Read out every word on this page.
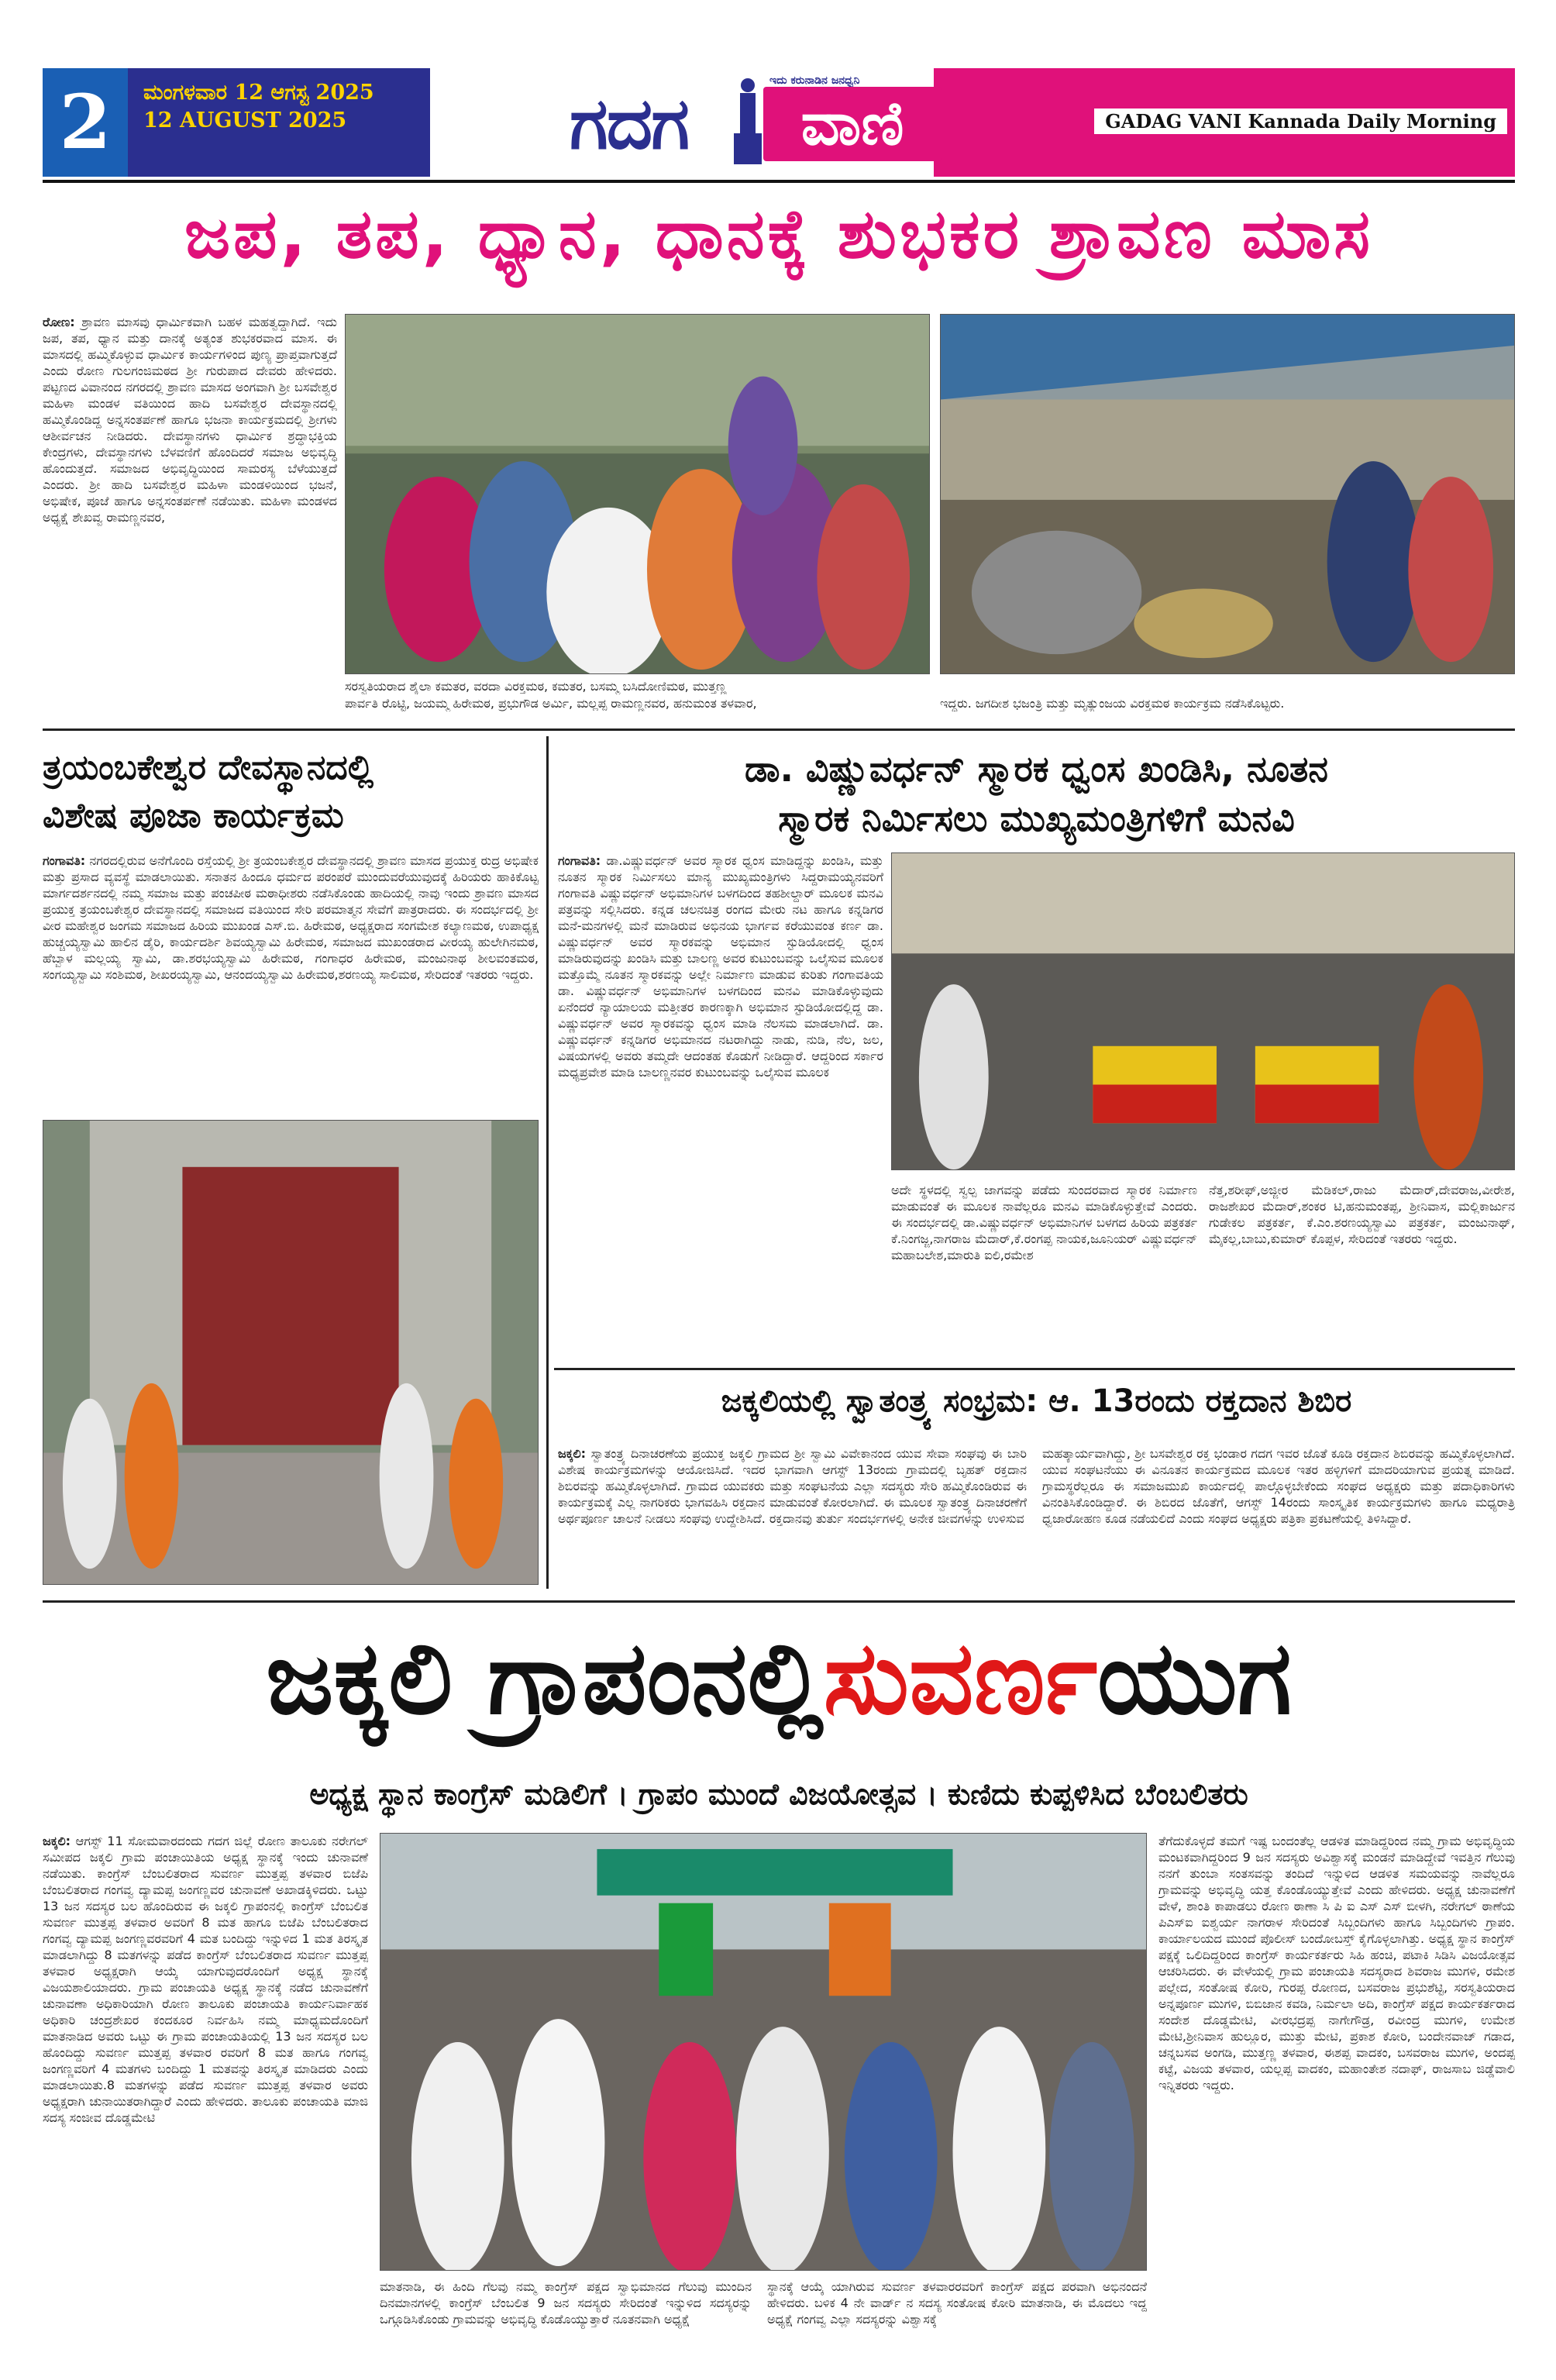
2	ಮಂಗಳವಾರ 12 ಆಗಸ್ಟ 2025
12 AUGUST 2025	GADAG VANI Kannada Daily Morning
ಗದಗ
ಇದು ಕರುನಾಡಿನ ಜನಧ್ವನಿ
ವಾಣಿ
ಜಪ, ತಪ, ಧ್ಯಾನ, ಧಾನಕ್ಕೆ ಶುಭಕರ ಶ್ರಾವಣ ಮಾಸ
ರೋಣ: ಶ್ರಾವಣ ಮಾಸವು ಧಾರ್ಮಿಕವಾಗಿ ಬಹಳ ಮಹತ್ವದ್ದಾಗಿದೆ. ಇದು ಜಪ, ತಪ, ಧ್ಯಾನ ಮತ್ತು ದಾನಕ್ಕೆ ಅತ್ಯಂತ ಶುಭಕರವಾದ ಮಾಸ. ಈ ಮಾಸದಲ್ಲಿ ಹಮ್ಮಿಕೊಳ್ಳುವ ಧಾರ್ಮಿಕ ಕಾರ್ಯಗಳಿಂದ ಪುಣ್ಯ ಪ್ರಾಪ್ತವಾಗುತ್ತದೆ ಎಂದು ರೋಣ ಗುಲಗಂಜಿಮಠದ ಶ್ರೀ ಗುರುಪಾದ ದೇವರು ಹೇಳಿದರು. ಪಟ್ಟಣದ ವಿವಾನಂದ ನಗರದಲ್ಲಿ ಶ್ರಾವಣ ಮಾಸದ ಅಂಗವಾಗಿ ಶ್ರೀ ಬಸವೇಶ್ವರ ಮಹಿಳಾ ಮಂಡಳ ವತಿಯಿಂದ ಹಾದಿ ಬಸವೇಶ್ವರ ದೇವಸ್ಥಾನದಲ್ಲಿ ಹಮ್ಮಿಕೊಂಡಿದ್ದ ಅನ್ನಸಂತರ್ಪಣೆ ಹಾಗೂ ಭಜನಾ ಕಾರ್ಯಕ್ರಮದಲ್ಲಿ ಶ್ರೀಗಳು ಆಶೀರ್ವಚನ ನೀಡಿದರು. ದೇವಸ್ಥಾನಗಳು ಧಾರ್ಮಿಕ ಶ್ರದ್ಧಾಭಕ್ತಿಯ ಕೇಂದ್ರಗಳು, ದೇವಸ್ಥಾನಗಳು ಬೆಳವಣಿಗೆ ಹೊಂದಿದರೆ ಸಮಾಜ ಅಭಿವೃದ್ಧಿ ಹೊಂದುತ್ತದೆ. ಸಮಾಜದ ಅಭಿವೃದ್ಧಿಯಿಂದ ಸಾಮರಸ್ಯ ಬೆಳೆಯುತ್ತದೆ ಎಂದರು. ಶ್ರೀ ಹಾದಿ ಬಸವೇಶ್ವರ ಮಹಿಳಾ ಮಂಡಳಿಯಿಂದ ಭಜನೆ, ಅಭಿಷೇಕ, ಪೂಜೆ ಹಾಗೂ ಅನ್ನಸಂತರ್ಪಣೆ ನಡೆಯಿತು. ಮಹಿಳಾ ಮಂಡಳದ ಅಧ್ಯಕ್ಷೆ ಶೇಖವ್ವ ರಾಮಣ್ಣನವರ,
ಸರಸ್ವತಿಯರಾದ ಶೈಲಾ ಕಮತರ, ವರದಾ ವಿರಕ್ತಮಠ, ಕಮತರ, ಬಸಮ್ಮ ಬಸಿದೋಣಿಮಠ, ಮುತ್ತಣ್ಣ
ಪಾರ್ವತಿ ರೊಟ್ಟಿ, ಜಯಮ್ಮ ಹಿರೇಮಠ, ಪ್ರಭುಗೌಡ ಅರ್ಮಿ, ಮಲ್ಲಪ್ಪ ರಾಮಣ್ಣನವರ, ಹನುಮಂತ ತಳವಾರ,	ಇದ್ದರು. ಜಗದೀಶ ಭಜಂತ್ರಿ ಮತ್ತು ಮೃತ್ಯುಂಜಯ ವಿರಕ್ತಮಠ ಕಾರ್ಯಕ್ರಮ ನಡೆಸಿಕೊಟ್ಟರು.
ತ್ರಯಂಬಕೇಶ್ವರ ದೇವಸ್ಥಾನದಲ್ಲಿ
ವಿಶೇಷ ಪೂಜಾ ಕಾರ್ಯಕ್ರಮ
ಗಂಗಾವತಿ: ನಗರದಲ್ಲಿರುವ ಅನೆಗೊಂದಿ ರಸ್ತೆಯಲ್ಲಿ ಶ್ರೀ ತ್ರಯಂಬಕೇಶ್ವರ ದೇವಸ್ಥಾನದಲ್ಲಿ ಶ್ರಾವಣ ಮಾಸದ ಪ್ರಯುಕ್ತ ರುದ್ರ ಅಭಿಷೇಕ ಮತ್ತು ಪ್ರಸಾದ ವ್ಯವಸ್ಥೆ ಮಾಡಲಾಯಿತು. ಸನಾತನ ಹಿಂದೂ ಧರ್ಮದ ಪರಂಪರೆ ಮುಂದುವರೆಯುವುದಕ್ಕೆ ಹಿರಿಯರು ಹಾಕಿಕೊಟ್ಟ ಮಾರ್ಗದರ್ಶನದಲ್ಲಿ ನಮ್ಮ ಸಮಾಜ ಮತ್ತು ಪಂಚಪೀಠ ಮಠಾಧೀಶರು ನಡೆಸಿಕೊಂಡು ಹಾದಿಯಲ್ಲಿ ನಾವು ಇಂದು ಶ್ರಾವಣ ಮಾಸದ ಪ್ರಯುಕ್ತ ತ್ರಯಂಬಕೇಶ್ವರ ದೇವಸ್ಥಾನದಲ್ಲಿ ಸಮಾಜದ ವತಿಯಿಂದ ಸೇರಿ ಪರಮಾತ್ಮನ ಸೇವೆಗೆ ಪಾತ್ರರಾದರು. ಈ ಸಂದರ್ಭದಲ್ಲಿ ಶ್ರೀ ವೀರ ಮಹೇಶ್ವರ ಜಂಗಮ ಸಮಾಜದ ಹಿರಿಯ ಮುಖಂಡ ಎಸ್.ಬಿ. ಹಿರೇಮಠ, ಅಧ್ಯಕ್ಷರಾದ ಸಂಗಮೇಶ ಕಲ್ಯಾಣಮಠ, ಉಪಾಧ್ಯಕ್ಷ ಹುಚ್ಚಯ್ಯಸ್ವಾಮಿ ಹಾಲಿನ ಡೈರಿ, ಕಾರ್ಯದರ್ಶಿ ಶಿವಯ್ಯಸ್ವಾಮಿ ಹಿರೇಮಠ, ಸಮಾಜದ ಮುಖಂಡರಾದ ವೀರಯ್ಯ ಹುಲೇಗಿನಮಠ, ಹೆಬ್ಬಾಳ ಮಲ್ಲಯ್ಯ ಸ್ವಾಮಿ, ಡಾ.ಶರಭಯ್ಯಸ್ವಾಮಿ ಹಿರೇಮಠ, ಗಂಗಾಧರ ಹಿರೇಮಠ, ಮಂಜುನಾಥ ಶೀಲವಂತಮಠ, ಸಂಗಯ್ಯಸ್ವಾಮಿ ಸಂಶಿಮಠ, ಶೀಖರಯ್ಯಸ್ವಾಮಿ, ಆನಂದಯ್ಯಸ್ವಾಮಿ ಹಿರೇಮಠ,ಶರಣಯ್ಯ ಸಾಲಿಮಠ, ಸೇರಿದಂತೆ ಇತರರು ಇದ್ದರು.
ಡಾ. ವಿಷ್ಣುವರ್ಧನ್ ಸ್ಮಾರಕ ಧ್ವಂಸ ಖಂಡಿಸಿ, ನೂತನ
ಸ್ಮಾರಕ ನಿರ್ಮಿಸಲು ಮುಖ್ಯಮಂತ್ರಿಗಳಿಗೆ ಮನವಿ
ಗಂಗಾವತಿ: ಡಾ.ವಿಷ್ಣುವರ್ಧನ್ ಅವರ ಸ್ಮಾರಕ ಧ್ವಂಸ ಮಾಡಿದ್ದನ್ನು ಖಂಡಿಸಿ, ಮತ್ತು ನೂತನ ಸ್ಮಾರಕ ನಿರ್ಮಿಸಲು ಮಾನ್ಯ ಮುಖ್ಯಮಂತ್ರಿಗಳು ಸಿದ್ದರಾಮಯ್ಯನವರಿಗೆ ಗಂಗಾವತಿ ವಿಷ್ಣುವರ್ಧನ್ ಅಭಿಮಾನಿಗಳ ಬಳಗದಿಂದ ತಹಶೀಲ್ದಾರ್ ಮೂಲಕ ಮನವಿ ಪತ್ರವನ್ನು ಸಲ್ಲಿಸಿದರು. ಕನ್ನಡ ಚಲನಚಿತ್ರ ರಂಗದ ಮೇರು ನಟ ಹಾಗೂ ಕನ್ನಡಿಗರ ಮನೆ-ಮನಗಳಲ್ಲಿ ಮನೆ ಮಾಡಿರುವ ಅಭಿನಯ ಭಾರ್ಗವ ಕರೆಯುವಂತ ಕರ್ಣ ಡಾ. ವಿಷ್ಣುವರ್ಧನ್ ಅವರ ಸ್ಮಾರಕವನ್ನು ಅಭಿಮಾನ ಸ್ಟುಡಿಯೋದಲ್ಲಿ ಧ್ವಂಸ ಮಾಡಿರುವುದನ್ನು ಖಂಡಿಸಿ ಮತ್ತು ಬಾಲಣ್ಣ ಅವರ ಕುಟುಂಬವನ್ನು ಒಲೈಸುವ ಮೂಲಕ ಮತ್ತೊಮ್ಮೆ ನೂತನ ಸ್ಮಾರಕವನ್ನು ಅಲ್ಲೇ ನಿರ್ಮಾಣ ಮಾಡುವ ಕುರಿತು ಗಂಗಾವತಿಯ ಡಾ. ವಿಷ್ಣುವರ್ಧನ್ ಅಭಿಮಾನಿಗಳ ಬಳಗದಿಂದ ಮನವಿ ಮಾಡಿಕೊಳ್ಳುವುದು ಏನೆಂದರೆ ನ್ಯಾಯಾಲಯ ಮತ್ತೀತರ ಕಾರಣಕ್ಕಾಗಿ ಅಭಿಮಾನ ಸ್ಟುಡಿಯೋದಲ್ಲಿದ್ದ ಡಾ. ವಿಷ್ಣುವರ್ಧನ್ ಅವರ ಸ್ಮಾರಕವನ್ನು ಧ್ವಂಸ ಮಾಡಿ ನೆಲಸಮ ಮಾಡಲಾಗಿದೆ. ಡಾ. ವಿಷ್ಣುವರ್ಧನ್ ಕನ್ನಡಿಗರ ಅಭಿಮಾನದ ನಟರಾಗಿದ್ದು ನಾಡು, ನುಡಿ, ನೆಲ, ಜಲ, ವಿಷಯಗಳಲ್ಲಿ ಅವರು ತಮ್ಮದೇ ಆದಂತಹ ಕೊಡುಗೆ ನೀಡಿದ್ದಾರೆ. ಆದ್ದರಿಂದ ಸರ್ಕಾರ ಮಧ್ಯಪ್ರವೇಶ ಮಾಡಿ ಬಾಲಣ್ಣನವರ ಕುಟುಂಬವನ್ನು ಒಲೈಸುವ ಮೂಲಕ
ಅದೇ ಸ್ಥಳದಲ್ಲಿ ಸ್ವಲ್ಪ ಜಾಗವನ್ನು ಪಡೆದು ಸುಂದರವಾದ ಸ್ಮಾರಕ ನಿರ್ಮಾಣ ಮಾಡುವಂತೆ ಈ ಮೂಲಕ ನಾವೆಲ್ಲರೂ ಮನವಿ ಮಾಡಿಕೊಳ್ಳುತ್ತೇವೆ ಎಂದರು. ಈ ಸಂದರ್ಭದಲ್ಲಿ ಡಾ.ವಿಷ್ಣುವರ್ಧನ್ ಅಭಿಮಾನಿಗಳ ಬಳಗದ ಹಿರಿಯ ಪತ್ರಕರ್ತ ಕೆ.ನಿಂಗಜ್ಜ,ನಾಗರಾಜ ಮೆದಾರ್,ಕೆ.ರಂಗಪ್ಪ ನಾಯಕ,ಜೂನಿಯರ್ ವಿಷ್ಣುವರ್ಧನ್ ಮಹಾಬಲೇಶ,ಮಾರುತಿ ಐಲಿ,ರಮೇಶ
ನೆತ್ತ,ಶರೀಫ್,ಅಜ್ಜೀರ ಮೆಡಿಕಲ್,ರಾಜು ಮೆದಾರ್,ದೇವರಾಜ,ವೀರೇಶ, ರಾಜಶೇಖರ ಮೆದಾರ್,ಶಂಕರ ಟಿ,ಹನುಮಂತಪ್ಪ, ಶ್ರೀನಿವಾಸ, ಮಲ್ಲಿಕಾರ್ಜುನ ಗುಡೇಕಲ ಪತ್ರಕರ್ತ, ಕೆ.ಎಂ.ಶರಣಯ್ಯಸ್ವಾಮಿ ಪತ್ರಕರ್ತ, ಮಂಜುನಾಥ್, ಮೈಕಲ್ಲ,ಬಾಬು,ಕುಮಾರ್ ಕೊಪ್ಪಳ, ಸೇರಿದಂತೆ ಇತರರು ಇದ್ದರು.
ಜಕ್ಕಲಿಯಲ್ಲಿ ಸ್ವಾತಂತ್ರ್ಯ ಸಂಭ್ರಮ: ಆ. 13ರಂದು ರಕ್ತದಾನ ಶಿಬಿರ
ಜಕ್ಕಲಿ: ಸ್ವಾತಂತ್ರ್ಯ ದಿನಾಚರಣೆಯ ಪ್ರಯುಕ್ತ ಜಕ್ಕಲಿ ಗ್ರಾಮದ ಶ್ರೀ ಸ್ವಾಮಿ ವಿವೇಕಾನಂದ ಯುವ ಸೇವಾ ಸಂಘವು ಈ ಬಾರಿ ವಿಶೇಷ ಕಾರ್ಯಕ್ರಮಗಳನ್ನು ಆಯೋಜಿಸಿದೆ. ಇದರ ಭಾಗವಾಗಿ ಆಗಸ್ಟ್ 13ರಂದು ಗ್ರಾಮದಲ್ಲಿ ಬೃಹತ್ ರಕ್ತದಾನ ಶಿಬಿರವನ್ನು ಹಮ್ಮಿಕೊಳ್ಳಲಾಗಿದೆ. ಗ್ರಾಮದ ಯುವಕರು ಮತ್ತು ಸಂಘಟನೆಯ ಎಲ್ಲಾ ಸದಸ್ಯರು ಸೇರಿ ಹಮ್ಮಿಕೊಂಡಿರುವ ಈ ಕಾರ್ಯಕ್ರಮಕ್ಕೆ ಎಲ್ಲ ನಾಗರಿಕರು ಭಾಗವಹಿಸಿ ರಕ್ತದಾನ ಮಾಡುವಂತೆ ಕೋರಲಾಗಿದೆ. ಈ ಮೂಲಕ ಸ್ವಾತಂತ್ರ್ಯ ದಿನಾಚರಣೆಗೆ ಅರ್ಥಪೂರ್ಣ ಚಾಲನೆ ನೀಡಲು ಸಂಘವು ಉದ್ದೇಶಿಸಿದೆ. ರಕ್ತದಾನವು ತುರ್ತು ಸಂದರ್ಭಗಳಲ್ಲಿ ಅನೇಕ ಜೀವಗಳನ್ನು ಉಳಿಸುವ
ಮಹತ್ಕಾರ್ಯವಾಗಿದ್ದು, ಶ್ರೀ ಬಸವೇಶ್ವರ ರಕ್ತ ಭಂಡಾರ ಗದಗ ಇವರ ಜೊತೆ ಕೂಡಿ ರಕ್ತದಾನ ಶಿಬಿರವನ್ನು ಹಮ್ಮಿಕೊಳ್ಳಲಾಗಿದೆ. ಯುವ ಸಂಘಟನೆಯು ಈ ವಿನೂತನ ಕಾರ್ಯಕ್ರಮದ ಮೂಲಕ ಇತರ ಹಳ್ಳಿಗಳಿಗೆ ಮಾದರಿಯಾಗುವ ಪ್ರಯತ್ನ ಮಾಡಿದೆ. ಗ್ರಾಮಸ್ಥರೆಲ್ಲರೂ ಈ ಸಮಾಜಮುಖಿ ಕಾರ್ಯದಲ್ಲಿ ಪಾಲ್ಗೊಳ್ಳಬೇಕೆಂದು ಸಂಘದ ಅಧ್ಯಕ್ಷರು ಮತ್ತು ಪದಾಧಿಕಾರಿಗಳು ವಿನಂತಿಸಿಕೊಂಡಿದ್ದಾರೆ. ಈ ಶಿಬಿರದ ಜೊತೆಗೆ, ಆಗಸ್ಟ್ 14ರಂದು ಸಾಂಸ್ಕೃತಿಕ ಕಾರ್ಯಕ್ರಮಗಳು ಹಾಗೂ ಮಧ್ಯರಾತ್ರಿ ಧ್ವಜಾರೋಹಣ ಕೂಡ ನಡೆಯಲಿದೆ ಎಂದು ಸಂಘದ ಅಧ್ಯಕ್ಷರು ಪತ್ರಿಕಾ ಪ್ರಕಟಣೆಯಲ್ಲಿ ತಿಳಿಸಿದ್ದಾರೆ.
ಜಕ್ಕಲಿ ಗ್ರಾಪಂನಲ್ಲಿಸುವರ್ಣಯುಗ
ಅಧ್ಯಕ್ಷ ಸ್ಥಾನ ಕಾಂಗ್ರೆಸ್ ಮಡಿಲಿಗೆ । ಗ್ರಾಪಂ ಮುಂದೆ ವಿಜಯೋತ್ಸವ । ಕುಣಿದು ಕುಪ್ಪಳಿಸಿದ ಬೆಂಬಲಿತರು
ಜಕ್ಕಲಿ: ಆಗಸ್ಟ್ 11 ಸೋಮವಾರದಂದು ಗದಗ ಜಿಲ್ಲೆ ರೋಣ ತಾಲೂಕು ನರೇಗಲ್ ಸಮೀಪದ ಜಕ್ಕಲಿ ಗ್ರಾಮ ಪಂಚಾಯಿತಿಯ ಅಧ್ಯಕ್ಷ ಸ್ಥಾನಕ್ಕೆ ಇಂದು ಚುನಾವಣೆ ನಡೆಯಿತು. ಕಾಂಗ್ರೆಸ್ ಬೆಂಬಲಿತರಾದ ಸುವರ್ಣ ಮುತ್ತಪ್ಪ ತಳವಾರ ಬಿಜೆಪಿ ಬೆಂಬಲಿತರಾದ ಗಂಗವ್ವ ದ್ಯಾಮಪ್ಪ ಜಂಗಣ್ಣವರ ಚುನಾವಣೆ ಅಖಾಡಕ್ಕಿಳಿದರು. ಒಟ್ಟು 13 ಜನ ಸದಸ್ಯರ ಬಲ ಹೊಂದಿರುವ ಈ ಜಕ್ಕಲಿ ಗ್ರಾಪಂನಲ್ಲಿ ಕಾಂಗ್ರೆಸ್ ಬೆಂಬಲಿತ ಸುವರ್ಣ ಮುತ್ತಪ್ಪ ತಳವಾರ ಅವರಿಗೆ 8 ಮತ ಹಾಗೂ ಬಿಜೆಪಿ ಬೆಂಬಲಿತರಾದ ಗಂಗವ್ವ ದ್ಯಾಮಪ್ಪ ಜಂಗಣ್ಣವರವರಿಗೆ 4 ಮತ ಬಂದಿದ್ದು ಇನ್ನುಳಿದ 1 ಮತ ತಿರಸ್ಕೃತ ಮಾಡಲಾಗಿದ್ದು 8 ಮತಗಳನ್ನು ಪಡೆದ ಕಾಂಗ್ರೆಸ್ ಬೆಂಬಲಿತರಾದ ಸುವರ್ಣ ಮುತ್ತಪ್ಪ ತಳವಾರ ಅಧ್ಯಕ್ಷರಾಗಿ ಆಯ್ಕೆ ಯಾಗುವುದರೊಂದಿಗೆ ಅಧ್ಯಕ್ಷ ಸ್ಥಾನಕ್ಕೆ ವಿಜಯಶಾಲಿಯಾದರು. ಗ್ರಾಮ ಪಂಚಾಯತಿ ಅಧ್ಯಕ್ಷ ಸ್ಥಾನಕ್ಕೆ ನಡೆದ ಚುನಾವಣೆಗೆ ಚುನಾವಣಾ ಅಧಿಕಾರಿಯಾಗಿ ರೋಣ ತಾಲೂಕು ಪಂಚಾಯತಿ ಕಾರ್ಯನಿರ್ವಾಹಕ ಅಧಿಕಾರಿ ಚಂದ್ರಶೇಖರ ಕಂದಕೂರ ನಿರ್ವಹಿಸಿ ನಮ್ಮ ಮಾಧ್ಯಮದೊಂದಿಗೆ ಮಾತನಾಡಿದ ಅವರು ಒಟ್ಟು ಈ ಗ್ರಾಮ ಪಂಚಾಯತಿಯಲ್ಲಿ 13 ಜನ ಸದಸ್ಯರ ಬಲ ಹೊಂದಿದ್ದು ಸುವರ್ಣ ಮುತ್ತಪ್ಪ ತಳವಾರ ರವರಿಗೆ 8 ಮತ ಹಾಗೂ ಗಂಗವ್ವ ಜಂಗಣ್ಣವರಿಗೆ 4 ಮತಗಳು ಬಂದಿದ್ದು 1 ಮತವನ್ನು ತಿರಸ್ಕೃತ ಮಾಡಿದರು ಎಂದು ಮಾಡಲಾಯಿತು.8 ಮತಗಳನ್ನು ಪಡೆದ ಸುವರ್ಣ ಮುತ್ತಪ್ಪ ತಳವಾರ ಅವರು ಅಧ್ಯಕ್ಷರಾಗಿ ಚುನಾಯಿತರಾಗಿದ್ದಾರೆ ಎಂದು ಹೇಳಿದರು. ತಾಲೂಕು ಪಂಚಾಯತಿ ಮಾಜಿ ಸದಸ್ಯ ಸಂಜೀವ ದೊಡ್ಡಮೇಟಿ
ಮಾತನಾಡಿ, ಈ ಹಿಂದಿ ಗೆಲವು ನಮ್ಮ ಕಾಂಗ್ರೆಸ್ ಪಕ್ಷದ ಸ್ವಾಭಿಮಾನದ ಗೆಲುವು ಮುಂದಿನ ದಿನಮಾನಗಳಲ್ಲಿ ಕಾಂಗ್ರೆಸ್ ಬೆಂಬಲಿತ 9 ಜನ ಸದಸ್ಯರು ಸೇರಿದಂತೆ ಇನ್ನುಳಿದ ಸದಸ್ಯರನ್ನು ಒಗ್ಗೂಡಿಸಿಕೊಂಡು ಗ್ರಾಮವನ್ನು ಅಭಿವೃದ್ಧಿ ಕೊಡೊಯ್ಯುತ್ತಾರೆ ನೂತನವಾಗಿ ಅಧ್ಯಕ್ಷೆ
ಸ್ಥಾನಕ್ಕೆ ಆಯ್ಕೆ ಯಾಗಿರುವ ಸುವರ್ಣ ತಳವಾರರವರಿಗೆ ಕಾಂಗ್ರೆಸ್ ಪಕ್ಷದ ಪರವಾಗಿ ಅಭಿನಂದನೆ ಹೇಳಿದರು. ಬಳಿಕ 4 ನೇ ವಾರ್ಡ್ ನ ಸದಸ್ಯ ಸಂತೋಷ ಕೋರಿ ಮಾತನಾಡಿ, ಈ ಮೊದಲು ಇದ್ದ ಅಧ್ಯಕ್ಷೆ ಗಂಗವ್ವ ಎಲ್ಲಾ ಸದಸ್ಯರನ್ನು ವಿಶ್ವಾಸಕ್ಕೆ
ತೆಗೆದುಕೊಳ್ಳದೆ ತಮಗೆ ಇಷ್ಟ ಬಂದಂತೆಲ್ಲ ಆಡಳಿತ ಮಾಡಿದ್ದರಿಂದ ನಮ್ಮ ಗ್ರಾಮ ಅಭಿವೃದ್ಧಿಯ ಮಂಟಕವಾಗಿದ್ದರಿಂದ 9 ಜನ ಸದಸ್ಯರು ಅವಿಶ್ವಾಸಕ್ಕೆ ಮಂಡನೆ ಮಾಡಿದ್ದೇವೆ ಇವತ್ತಿನ ಗೆಲುವು ನನಗೆ ತುಂಬಾ ಸಂತಸವನ್ನು ತಂದಿದೆ ಇನ್ನುಳಿದ ಆಡಳಿತ ಸಮಯವನ್ನು ನಾವೆಲ್ಲರೂ ಗ್ರಾಮವನ್ನು ಅಭಿವೃದ್ಧಿ ಯತ್ತ ಕೊಂಡೊಯ್ಯುತ್ತೇವೆ ಎಂದು ಹೇಳಿದರು. ಅಧ್ಯಕ್ಷ ಚುನಾವಣೆಗೆ ವೇಳೆ, ಶಾಂತಿ ಕಾಪಾಡಲು ರೋಣ ಠಾಣಾ ಸಿ ಪಿ ಐ ಎಸ್ ಎಸ್ ಬೀಳಗಿ, ನರೇಗಲ್ ಠಾಣೆಯ ಪಿಎಸ್ಐ ಐಶ್ವರ್ಯ ನಾಗರಾಳ ಸೇರಿದಂತೆ ಸಿಬ್ಬಂದಿಗಳು ಹಾಗೂ ಸಿಬ್ಬಂದಿಗಳು ಗ್ರಾಪಂ. ಕಾರ್ಯಾಲಯದ ಮುಂದೆ ಪೊಲೀಸ್ ಬಂದೋಬಸ್ತ್ ಕೈಗೊಳ್ಳಲಾಗಿತ್ತು. ಅಧ್ಯಕ್ಷ ಸ್ಥಾನ ಕಾಂಗ್ರೆಸ್ ಪಕ್ಷಕ್ಕೆ ಒಲಿದಿದ್ದರಿಂದ ಕಾಂಗ್ರೆಸ್ ಕಾರ್ಯಕರ್ತರು ಸಿಹಿ ಹಂಚಿ, ಪಟಾಕಿ ಸಿಡಿಸಿ ವಿಜಯೋತ್ಸವ ಆಚರಿಸಿದರು. ಈ ವೇಳೆಯಲ್ಲಿ ಗ್ರಾಮ ಪಂಚಾಯತಿ ಸದಸ್ಯರಾದ ಶಿವರಾಜ ಮುಗಳಿ, ರಮೇಶ ಪಲ್ಲೇದ, ಸಂತೋಷ ಕೋರಿ, ಗುರಪ್ಪ ರೋಣದ, ಬಸವರಾಜ ಪ್ರಭುಶೆಟ್ಟಿ, ಸರಸ್ವತಿಯರಾದ ಅನ್ನಪೂರ್ಣ ಮುಗಳಿ, ಬಿಬಿಜಾನ ಕವಡಿ, ನಿರ್ಮಲಾ ಅದಿ, ಕಾಂಗ್ರೆಸ್ ಪಕ್ಷದ ಕಾರ್ಯಕರ್ತರಾದ ಸಂದೇಶ ದೊಡ್ಡಮೇಟಿ, ವೀರಭದ್ರಪ್ಪ ನಾಗೇಗೌಡ್ರ, ರವೀಂದ್ರ ಮುಗಳಿ, ಉಮೇಶ ಮೇಟಿ,ಶ್ರೀನಿವಾಸ ಹುಲ್ಲೂರ, ಮುತ್ತು ಮೇಟಿ, ಪ್ರಕಾಶ ಕೋರಿ, ಬಂದೇನವಾಜ್ ಗಡಾದ, ಚನ್ನಬಸವ ಅಂಗಡಿ, ಮುತ್ತಣ್ಣ ತಳವಾರ, ಈಶಪ್ಪ ವಾದಕಂ, ಬಸವರಾಜ ಮುಗಳಿ, ಅಂದಪ್ಪ ಕಟ್ಟೆ, ವಿಜಯ ತಳವಾರ, ಯಲ್ಲಪ್ಪ ವಾದಕಂ, ಮಹಾಂತೇಶ ನದಾಫ್, ರಾಜಸಾಬ ಜಿಡ್ಡೆವಾಲಿ ಇನ್ನಿತರರು ಇದ್ದರು.
